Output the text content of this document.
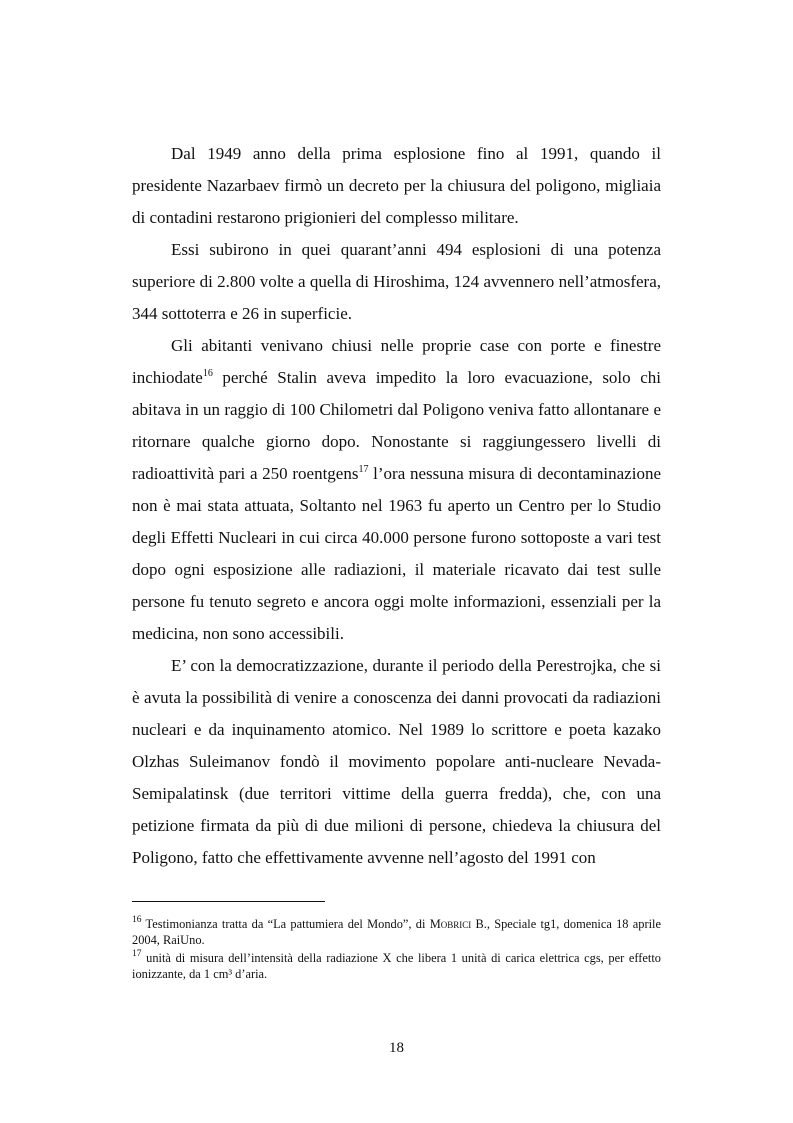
Dal 1949 anno della prima esplosione fino al 1991, quando il presidente Nazarbaev firmò un decreto per la chiusura del poligono, migliaia di contadini restarono prigionieri del complesso militare.

Essi subirono in quei quarant’anni 494 esplosioni di una potenza superiore di 2.800 volte a quella di Hiroshima, 124 avvennero nell’atmosfera, 344 sottoterra e 26 in superficie.

Gli abitanti venivano chiusi nelle proprie case con porte e finestre inchiodate$^{16}$ perché Stalin aveva impedito la loro evacuazione, solo chi abitava in un raggio di 100 Chilometri dal Poligono veniva fatto allontanare e ritornare qualche giorno dopo. Nonostante si raggiungessero livelli di radioattività pari a 250 roentgens$^{17}$ l’ora nessuna misura di decontaminazione non è mai stata attuata, Soltanto nel 1963 fu aperto un Centro per lo Studio degli Effetti Nucleari in cui circa 40.000 persone furono sottoposte a vari test dopo ogni esposizione alle radiazioni, il materiale ricavato dai test sulle persone fu tenuto segreto e ancora oggi molte informazioni, essenziali per la medicina, non sono accessibili.

E’ con la democratizzazione, durante il periodo della Perestrojka, che si è avuta la possibilità di venire a conoscenza dei danni provocati da radiazioni nucleari e da inquinamento atomico. Nel 1989 lo scrittore e poeta kazako Olzhas Suleimanov fondò il movimento popolare anti-nucleare Nevada-Semipalatinsk (due territori vittime della guerra fredda), che, con una petizione firmata da più di due milioni di persone, chiedeva la chiusura del Poligono, fatto che effettivamente avvenne nell’agosto del 1991 con

$^{16}$ Testimonianza tratta da “La pattumiera del Mondo”, di Mobrici B., Speciale tg1, domenica 18 aprile 2004, RaiUno.

$^{17}$ unità di misura dell’intensità della radiazione X che libera 1 unità di carica elettrica cgs, per effetto ionizzante, da 1 cm³ d’aria.

18
